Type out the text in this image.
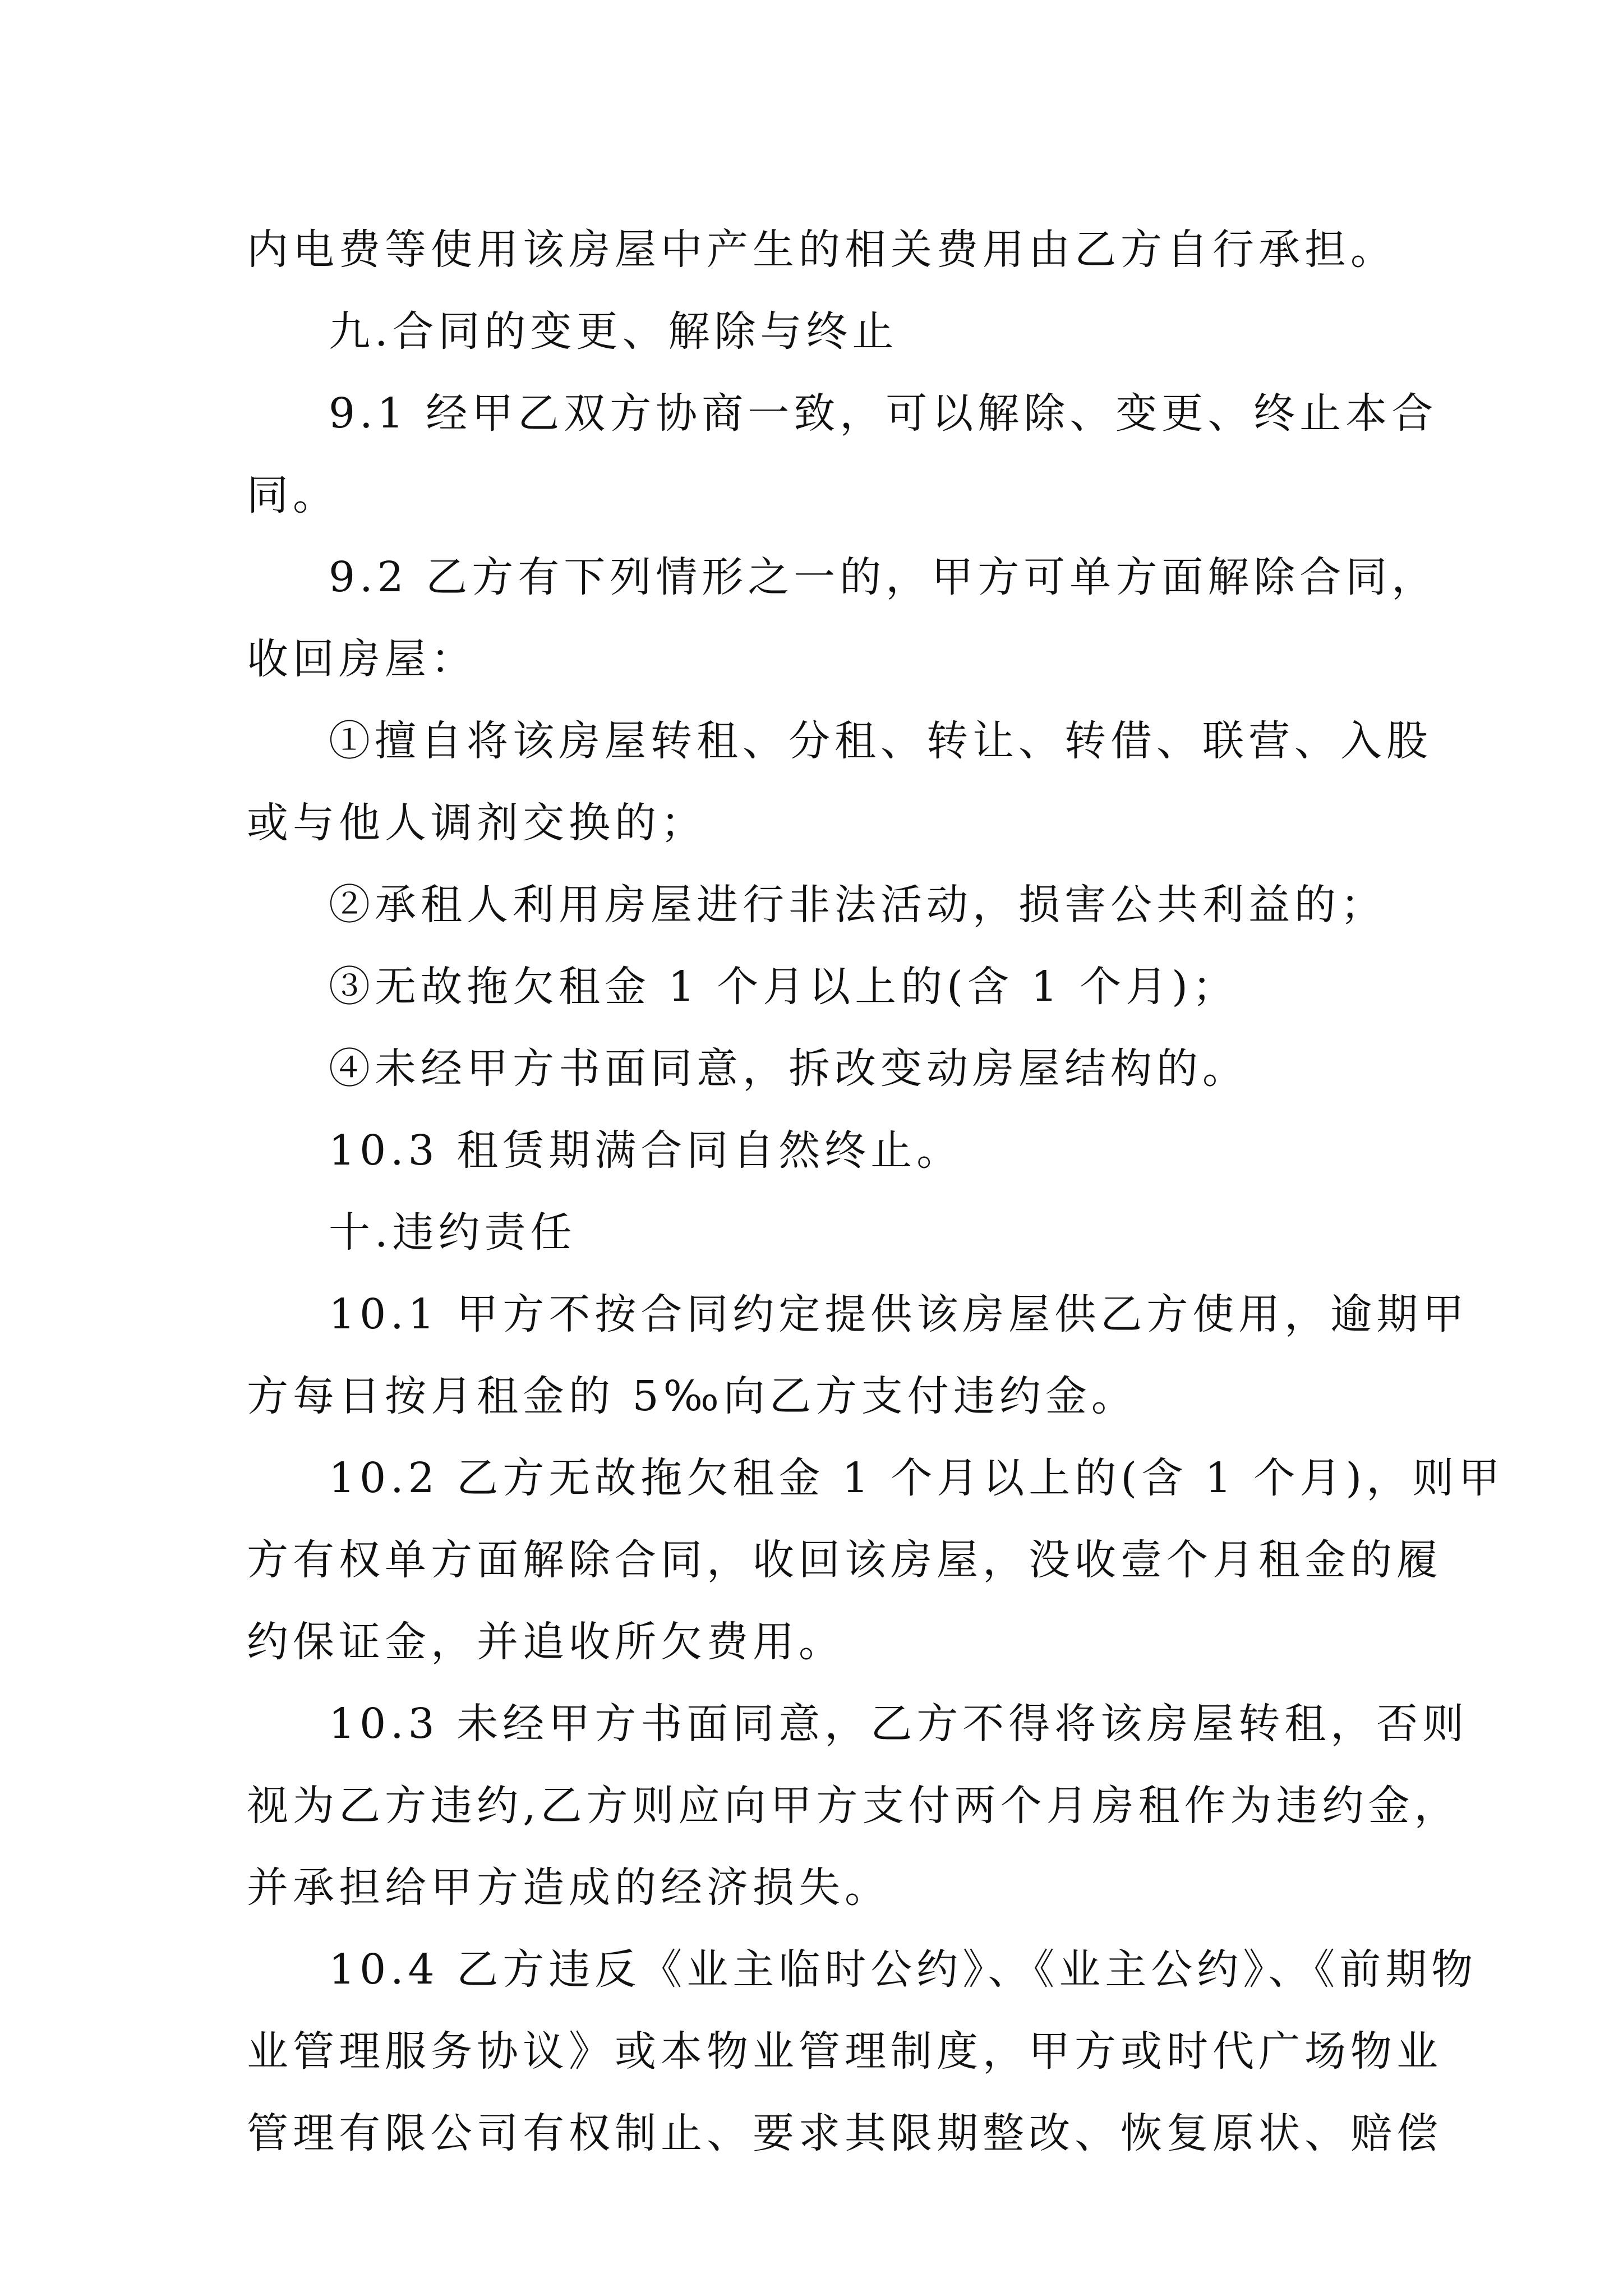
内电费等使用该房屋中产生的相关费用由乙方自行承担。
九.合同的变更、解除与终止
9.1 经甲乙双方协商一致，可以解除、变更、终止本合
同。
9.2 乙方有下列情形之一的，甲方可单方面解除合同，
收回房屋：
①擅自将该房屋转租、分租、转让、转借、联营、入股
或与他人调剂交换的；
②承租人利用房屋进行非法活动，损害公共利益的；
③无故拖欠租金 1 个月以上的(含 1 个月)；
④未经甲方书面同意，拆改变动房屋结构的。
10.3 租赁期满合同自然终止。
十.违约责任
10.1 甲方不按合同约定提供该房屋供乙方使用，逾期甲
方每日按月租金的 5‰向乙方支付违约金。
10.2 乙方无故拖欠租金 1 个月以上的(含 1 个月)，则甲
方有权单方面解除合同，收回该房屋，没收壹个月租金的履
约保证金，并追收所欠费用。
10.3 未经甲方书面同意，乙方不得将该房屋转租，否则
视为乙方违约,乙方则应向甲方支付两个月房租作为违约金，
并承担给甲方造成的经济损失。
10.4 乙方违反《业主临时公约》、《业主公约》、《前期物
业管理服务协议》或本物业管理制度，甲方或时代广场物业
管理有限公司有权制止、要求其限期整改、恢复原状、赔偿
